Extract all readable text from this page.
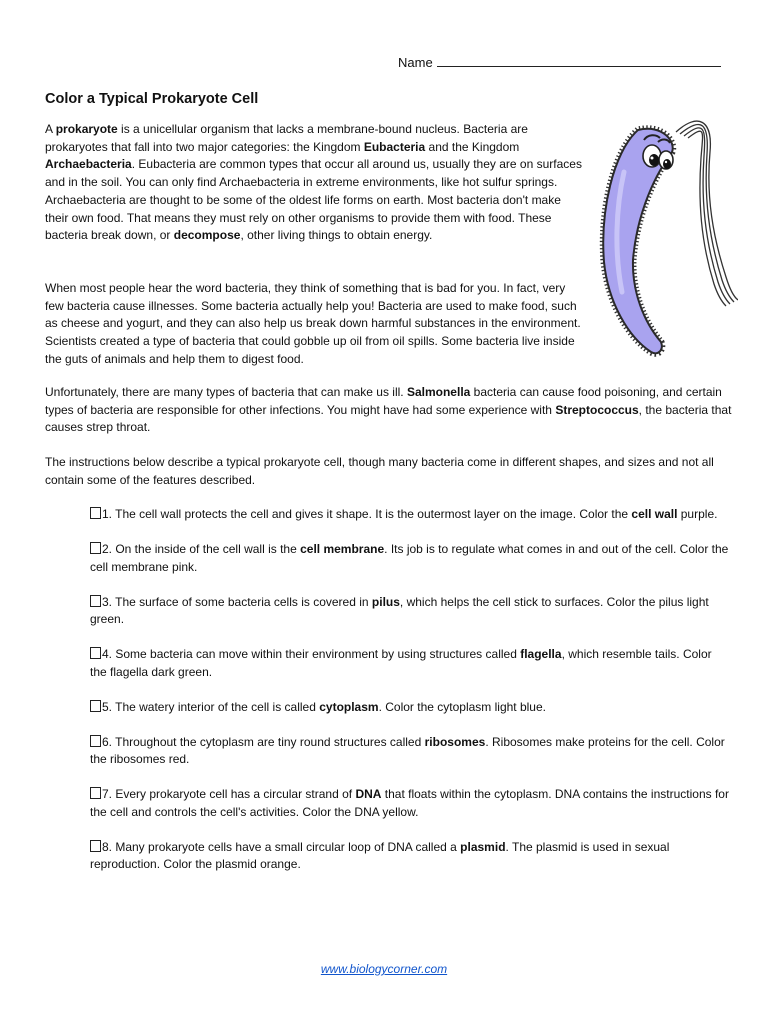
Name
Color a Typical Prokaryote Cell

A prokaryote is a unicellular organism that lacks a membrane-bound nucleus. Bacteria are prokaryotes that fall into two major categories: the Kingdom Eubacteria and the Kingdom Archaebacteria. Eubacteria are common types that occur all around us, usually they are on surfaces and in the soil. You can only find Archaebacteria in extreme environments, like hot sulfur springs. Archaebacteria are thought to be some of the oldest life forms on earth. Most bacteria don't make their own food. That means they must rely on other organisms to provide them with food. These bacteria break down, or decompose, other living things to obtain energy.

When most people hear the word bacteria, they think of something that is bad for you. In fact, very few bacteria cause illnesses. Some bacteria actually help you! Bacteria are used to make food, such as cheese and yogurt, and they can also help us break down harmful substances in the environment. Scientists created a type of bacteria that could gobble up oil from oil spills. Some bacteria live inside the guts of animals and help them to digest food.

Unfortunately, there are many types of bacteria that can make us ill. Salmonella bacteria can cause food poisoning, and certain types of bacteria are responsible for other infections. You might have had some experience with Streptococcus, the bacteria that causes strep throat.

The instructions below describe a typical prokaryote cell, though many bacteria come in different shapes, and sizes and not all contain some of the features described.

1. The cell wall protects the cell and gives it shape. It is the outermost layer on the image. Color the cell wall purple.
2. On the inside of the cell wall is the cell membrane. Its job is to regulate what comes in and out of the cell. Color the cell membrane pink.
3. The surface of some bacteria cells is covered in pilus, which helps the cell stick to surfaces. Color the pilus light green.
4. Some bacteria can move within their environment by using structures called flagella, which resemble tails. Color the flagella dark green.
5. The watery interior of the cell is called cytoplasm. Color the cytoplasm light blue.
6. Throughout the cytoplasm are tiny round structures called ribosomes. Ribosomes make proteins for the cell. Color the ribosomes red.
7. Every prokaryote cell has a circular strand of DNA that floats within the cytoplasm. DNA contains the instructions for the cell and controls the cell's activities. Color the DNA yellow.
8. Many prokaryote cells have a small circular loop of DNA called a plasmid. The plasmid is used in sexual reproduction. Color the plasmid orange.
www.biologycorner.com
